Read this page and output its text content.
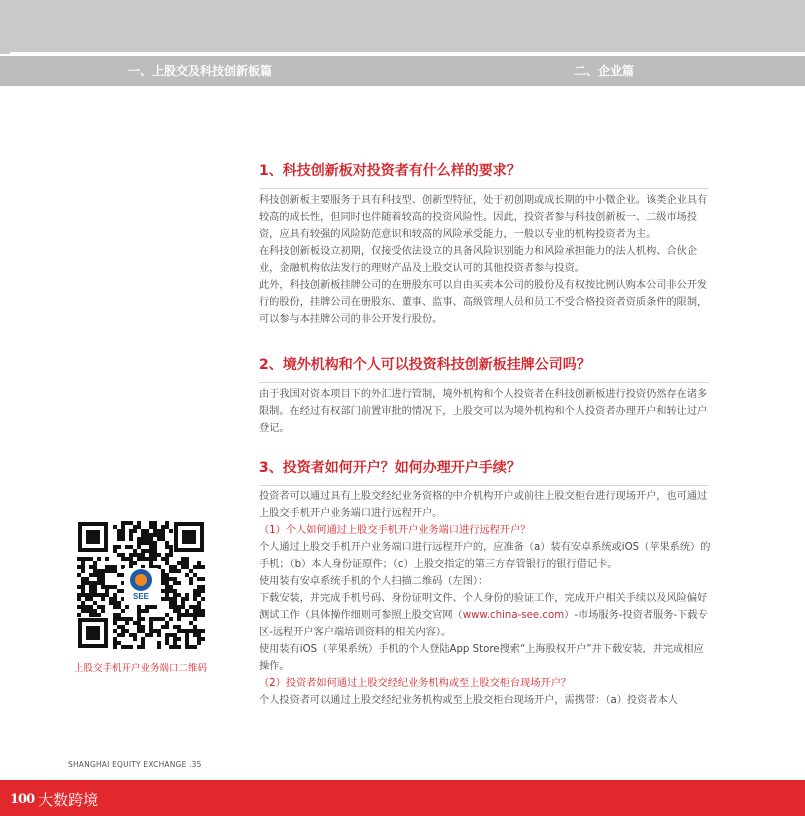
一、上股交及科技创新板篇	二、企业篇
1、科技创新板对投资者有什么样的要求？

科技创新板主要服务于具有科技型、创新型特征，处于初创期或成长期的中小微企业。该类企业具有较高的成长性，但同时也伴随着较高的投资风险性。因此，投资者参与科技创新板一、二级市场投资，应具有较强的风险防范意识和较高的风险承受能力，一般以专业的机构投资者为主。

在科技创新板设立初期，仅接受依法设立的具备风险识别能力和风险承担能力的法人机构、合伙企业，金融机构依法发行的理财产品及上股交认可的其他投资者参与投资。

此外，科技创新板挂牌公司的在册股东可以自由买卖本公司的股份及有权按比例认购本公司非公开发行的股份，挂牌公司在册股东、董事、监事、高级管理人员和员工不受合格投资者资质条件的限制，可以参与本挂牌公司的非公开发行股份。

2、境外机构和个人可以投资科技创新板挂牌公司吗？

由于我国对资本项目下的外汇进行管制，境外机构和个人投资者在科技创新板进行投资仍然存在诸多限制。在经过有权部门前置审批的情况下，上股交可以为境外机构和个人投资者办理开户和转让过户登记。

3、投资者如何开户？如何办理开户手续？

投资者可以通过具有上股交经纪业务资格的中介机构开户或前往上股交柜台进行现场开户，也可通过上股交手机开户业务端口进行远程开户。

（1）个人如何通过上股交手机开户业务端口进行远程开户？

个人通过上股交手机开户业务端口进行远程开户的，应准备（a）装有安卓系统或iOS（苹果系统）的手机；（b）本人身份证原件；（c）上股交指定的第三方存管银行的银行借记卡。

使用装有安卓系统手机的个人扫描二维码（左图）：

下载安装，并完成手机号码、身份证明文件、个人身份的验证工作，完成开户相关手续以及风险偏好测试工作（具体操作细则可参照上股交官网（www.china-see.com）-市场服务-投资者服务-下载专区-远程开户客户端培训资料的相关内容）。

使用装有iOS（苹果系统）手机的个人登陆App Store搜索“上海股权开户”并下载安装，并完成相应操作。

（2）投资者如何通过上股交经纪业务机构或至上股交柜台现场开户？

个人投资者可以通过上股交经纪业务机构或至上股交柜台现场开户，需携带：（a）投资者本人

SEE
上股交手机开户业务端口二维码
SHANGHAI EQUITY EXCHANGE .35
100 大数跨境
